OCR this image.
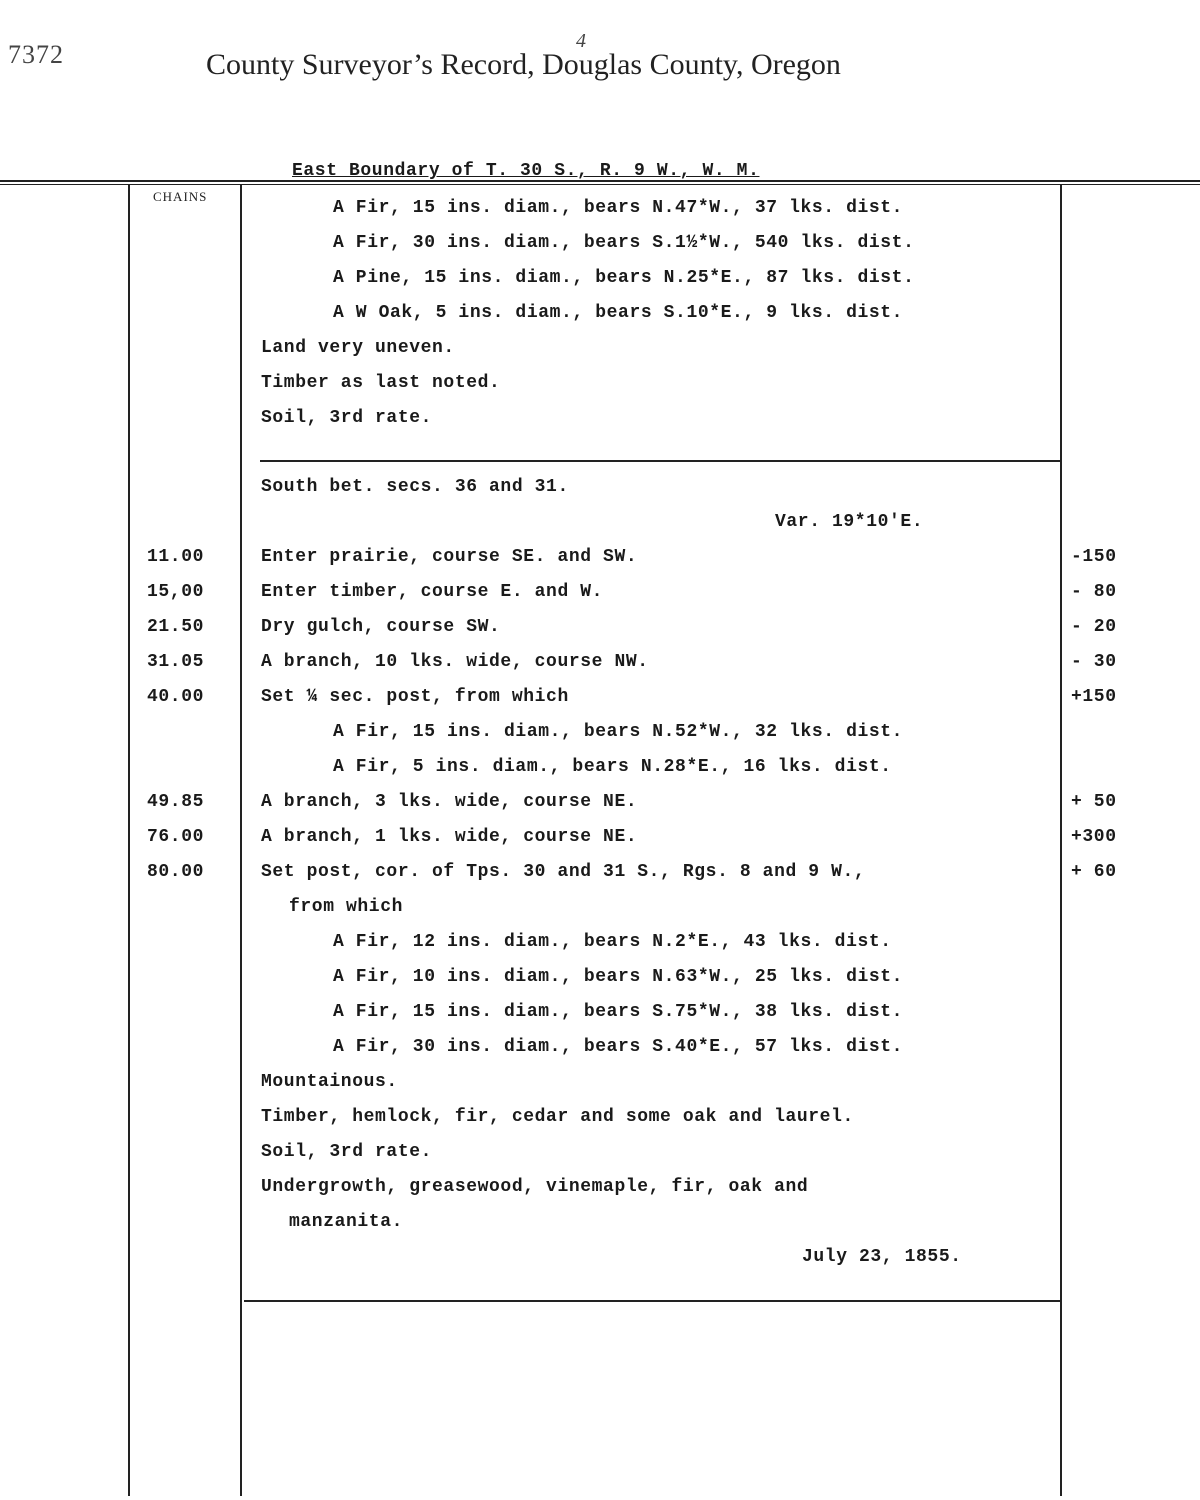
7372	4
County Surveyor’s Record, Douglas County, Oregon
East Boundary of T. 30 S., R. 9 W., W. M.
CHAINS
A Fir, 15 ins. diam., bears N.47*W., 37 lks. dist.
A Fir, 30 ins. diam., bears S.1½*W., 540 lks. dist.
A Pine, 15 ins. diam., bears N.25*E., 87 lks. dist.
A W Oak, 5 ins. diam., bears S.10*E., 9 lks. dist.
Land very uneven.
Timber as last noted.
Soil, 3rd rate.
South bet. secs. 36 and 31.
Var. 19*10'E.
11.00	Enter prairie, course SE. and SW.	-150
15,00	Enter timber, course E. and W.	- 80
21.50	Dry gulch, course SW.	- 20
31.05	A branch, 10 lks. wide, course NW.	- 30
40.00	Set ¼ sec. post, from which	+150
A Fir, 15 ins. diam., bears N.52*W., 32 lks. dist.
A Fir, 5 ins. diam., bears N.28*E., 16 lks. dist.
49.85	A branch, 3 lks. wide, course NE.	+ 50
76.00	A branch, 1 lks. wide, course NE.	+300
80.00	Set post, cor. of Tps. 30 and 31 S., Rgs. 8 and 9 W.,	+ 60
from which
A Fir, 12 ins. diam., bears N.2*E., 43 lks. dist.
A Fir, 10 ins. diam., bears N.63*W., 25 lks. dist.
A Fir, 15 ins. diam., bears S.75*W., 38 lks. dist.
A Fir, 30 ins. diam., bears S.40*E., 57 lks. dist.
Mountainous.
Timber, hemlock, fir, cedar and some oak and laurel.
Soil, 3rd rate.
Undergrowth, greasewood, vinemaple, fir, oak and
manzanita.
July 23, 1855.
